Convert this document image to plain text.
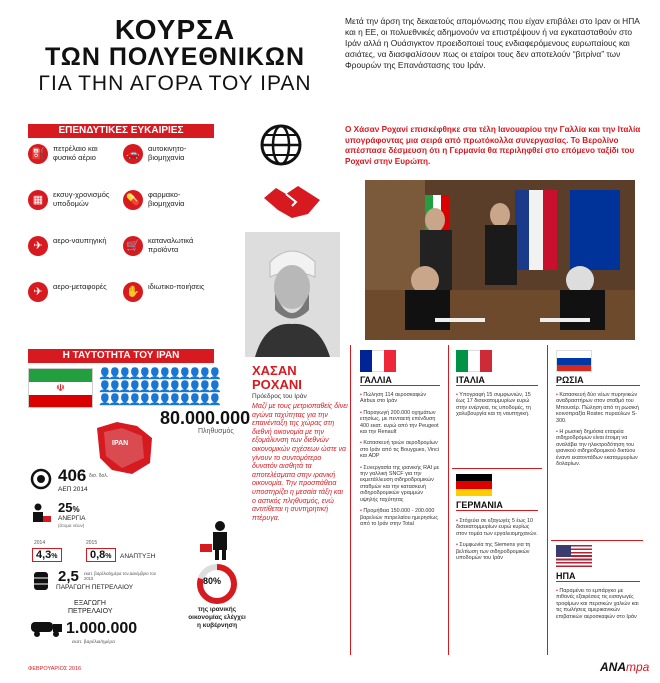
ΚΟΥΡΣΑ
ΤΩΝ ΠΟΛΥΕΘΝΙΚΩΝ
ΓΙΑ ΤΗΝ ΑΓΟΡΑ ΤΟΥ ΙΡΑΝ
Μετά την άρση της δεκαετούς απομόνωσης που είχαν επιβάλει στο Ιραν οι ΗΠΑ και η ΕΕ, οι πολυεθνικές αδημονούν να επιστρέψουν ή να εγκατασταθούν στο Ιράν αλλά η Ουάσιγκτον προειδοποιεί τους ενδιαφερόμενους ευρωπαίους και ασιάτες, να διασφαλίσουν πως οι εταίροι τους δεν αποτελούν “βιτρίνα” των Φρουρών της Επανάστασης του Ιράν.
ΕΠΕΝΔΥΤΙΚΕΣ ΕΥΚΑΙΡΙΕΣ
⛽	πετρέλαιο και φυσικό αέριο	🚗	αυτοκινητο-βιομηχανία
▦	εκσυγ-χρονισμός υποδομών	💊	φαρμακο-βιομηχανία
✈	αερο-ναυπηγική	🛒	καταναλωτικά προϊόντα
✈	αερο-μεταφορές	✋	ιδιωτικο-ποιήσεις
Ο Χάσαν Ροχανί επισκέφθηκε στα τέλη Ιανουαρίου την Γαλλία και την Ιταλία υπογράφοντας μια σειρά από πρωτόκολλα συνεργασίας. Το Βερολίνο απέσπασε δέσμευση ότι η Γερμανία θα περιληφθεί στο επόμενο ταξίδι του Ροχανί στην Ευρώπη.
Η ΤΑΥΤΟΤΗΤΑ ΤΟΥ ΙΡΑΝ
☫
👤
👤
👤
👤
👤
👤
👤
👤
👤
👤
👤
👤
👤
👤
👤
👤
👤
👤
👤
👤
👤
👤
👤
👤
👤
👤
👤
👤
👤
👤
👤
👤
👤
👤
👤
👤
80.000.000
Πληθυσμός
ΙΡΑΝ
406 δισ. δολ.
ΑΕΠ 2014
25%
ΑΝΕΡΓΙΑ
(άτομα νέων)
2014	2015
4,3%	0,8%	ΑΝΑΠΤΥΞΗ
2,5 εκατ. βαρέλια/ημέρα τον Δεκέμβριο του 2015
ΠΑΡΑΓΩΓΗ ΠΕΤΡΕΛΑΙΟΥ
ΕΞΑΓΩΓΗ
ΠΕΤΡΕΛΑΙΟΥ
1.000.000
εκατ. βαρέλια/ημέρα
ΧΑΣΑΝ
ΡΟΧΑΝΙ
Πρόεδρος του Ιράν
Μαζί με τους μετριοπαθείς δίνει αγώνα ταχύτητας για την επανένταξη της χώρας στη διεθνή οικονομία με την εξομάλυνση των διεθνών οικονομικών σχέσεων ώστε να γίνουν το συντομότερο δυνατόν αισθητά τα αποτελέσματα στην ιρανική οικονομία. Την προσπάθεια υποστηρίζει η μεσαία τάξη και ο αστικός πληθυσμός, ενώ αντιτίθεται η συντηρητική πτέρυγα.
80%
της ιρανικής οικονομίας ελέγχει η κυβέρνηση
ΓΑΛΛΙΑ

• Πώληση 114 αεροσκαφών Airbus στο Ιράν

• Παραγωγή 200.000 οχημάτων ετησίως, με πενταετή επένδυση 400 εκατ. ευρώ από την Peugeot και την Renault

• Κατασκευή τριών αεροδρομίων στο Ιράν από τις Bouygues, Vinci και ADP

• Συνεργασία της ιρανικής RAI με την γαλλική SNCF για την εκμετάλλευση σιδηροδρομικών σταθμών και την κατασκευή σιδηροδρομικών γραμμών υψηλής ταχύτητας

• Προμήθεια 150.000 - 200.000 βαρελιών πετρελαίου ημερησίως από το Ιράν στην Total

ΙΤΑΛΙΑ

• Υπογραφή 15 συμφωνιών, 15 έως 17 δισεκατομμυρίων ευρώ στην ενέργεια, τις υποδομές, τη χαλυβουργία και τη ναυπηγική.

ΓΕΡΜΑΝΙΑ

• Στόχεύει σε εξαγωγές 5 έως 10 δισεκατομμυρίων ευρώ κυρίως στον τομέα των εργαλειομηχανών.

• Συμφωνία της Siemens για τη βελτίωση των σιδηροδρομικών υποδομών του Ιράν

ΡΩΣΙΑ

• Κατασκευή δύο νέων πυρηνικών αναδραστήρων στον σταθμό του Μπουσέρ. Πώληση από τη ρωσική κοινοπραξία Rostec πυραύλων S-300.

• Η ρωσική δημόσια εταιρεία σιδηροδρόμων είναι έτοιμη να αναλάβει την ηλεκτροδότηση του ιρανικού σιδηροδρομικού δικτύου έναντι εκατοντάδων εκατομμυρίων δολαρίων.

ΗΠΑ

• Παραμένει το εμπάργκο με πιθανές εξαιρέσεις τις εισαγωγές τροφίμων και περσικών χαλιών και τις πωλήσεις αμερικανικών επιβατικών αεροσκαφών στο Ιράν

ΦΕΒΡΟΥΑΡΙΟΣ 2016	ΑΝΑmpa
